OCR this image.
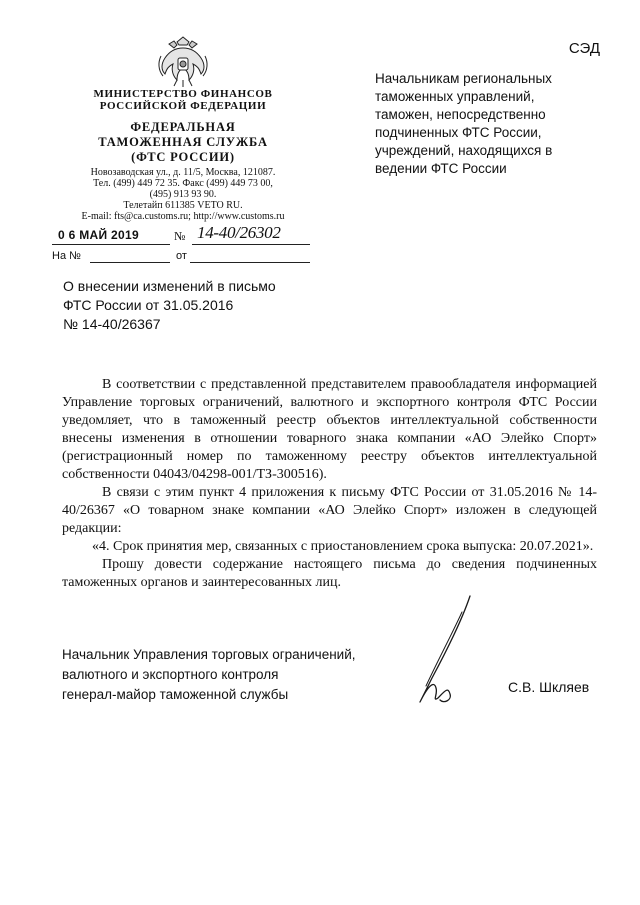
СЭД
МИНИСТЕРСТВО ФИНАНСОВ
РОССИЙСКОЙ ФЕДЕРАЦИИ
ФЕДЕРАЛЬНАЯ
ТАМОЖЕННАЯ СЛУЖБА
(ФТС РОССИИ)
Новозаводская ул., д. 11/5, Москва, 121087.
Тел. (499) 449 72 35. Факс (499) 449 73 00,
(495) 913 93 90.
Телетайп 611385 VETO RU.
E-mail: fts@ca.customs.ru; http://www.customs.ru
0 6 МАЙ 2019	№ 14-40/26302
На №	от
Начальникам региональных
таможенных управлений,
таможен, непосредственно
подчиненных ФТС России,
учреждений, находящихся в
ведении ФТС России
О внесении изменений в письмо
ФТС России от 31.05.2016
№ 14-40/26367

В соответствии с представленной представителем правообладателя информацией Управление торговых ограничений, валютного и экспортного контроля ФТС России уведомляет, что в таможенный реестр объектов интеллектуальной собственности внесены изменения в отношении товарного знака компании «АО Элейко Спорт» (регистрационный номер по таможенному реестру объектов интеллектуальной собственности 04043/04298-001/ТЗ-300516).

В связи с этим пункт 4 приложения к письму ФТС России от 31.05.2016 № 14-40/26367 «О товарном знаке компании «АО Элейко Спорт» изложен в следующей редакции:

«4. Срок принятия мер, связанных с приостановлением срока выпуска: 20.07.2021».

Прошу довести содержание настоящего письма до сведения подчиненных таможенных органов и заинтересованных лиц.

Начальник Управления торговых ограничений,
валютного и экспортного контроля
генерал-майор таможенной службы	С.В. Шкляев
